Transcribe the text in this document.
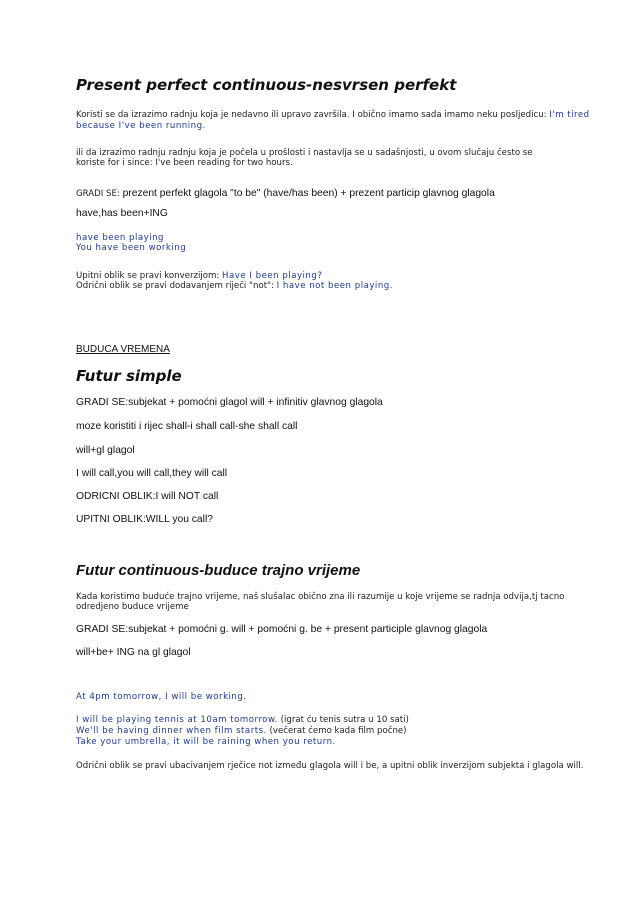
Present perfect continuous-nesvrsen perfekt

Koristi se da izrazimo radnju koja je nedavno ili upravo završila. I obično imamo sada imamo neku posljedicu: I'm tired

because I've been running.

ili da izrazimo radnju radnju koja je počela u prošlosti i nastavlja se u sadašnjosti, u ovom slučaju često se

koriste for i since: I've been reading for two hours.

GRADI SE: prezent perfekt glagola "to be" (have/has been) + prezent particip glavnog glagola

have,has been+ING

have been playing

You have been working

Upitni oblik se pravi konverzijom: Have I been playing?

Odrični oblik se pravi dodavanjem riječi "not": I have not been playing.

BUDUCA VREMENA

Futur simple

GRADI SE:subjekat + pomoćni glagol will + infinitiv glavnog glagola

moze koristiti i rijec shall-i shall call-she shall call

will+gl glagol

I will call,you will call,they will call

ODRICNI OBLIK:I will NOT call

UPITNI OBLIK:WILL you call?

Futur continuous-buduce trajno vrijeme

Kada koristimo buduće trajno vrijeme, naš slušalac obično zna ili razumije u koje vrijeme se radnja odvija,tj tacno

odredjeno buduce vrijeme

GRADI SE:subjekat + pomoćni g. will + pomoćni g. be + present participle glavnog glagola

will+be+ ING na gl glagol

At 4pm tomorrow, I will be working.

I will be playing tennis at 10am tomorrow. (igrat ću tenis sutra u 10 sati)

We'll be having dinner when film starts. (večerat ćemo kada film počne)

Take your umbrella, it will be raining when you return.

Odrični oblik se pravi ubacivanjem rječice not između glagola will i be, a upitni oblik inverzijom subjekta i glagola will.
